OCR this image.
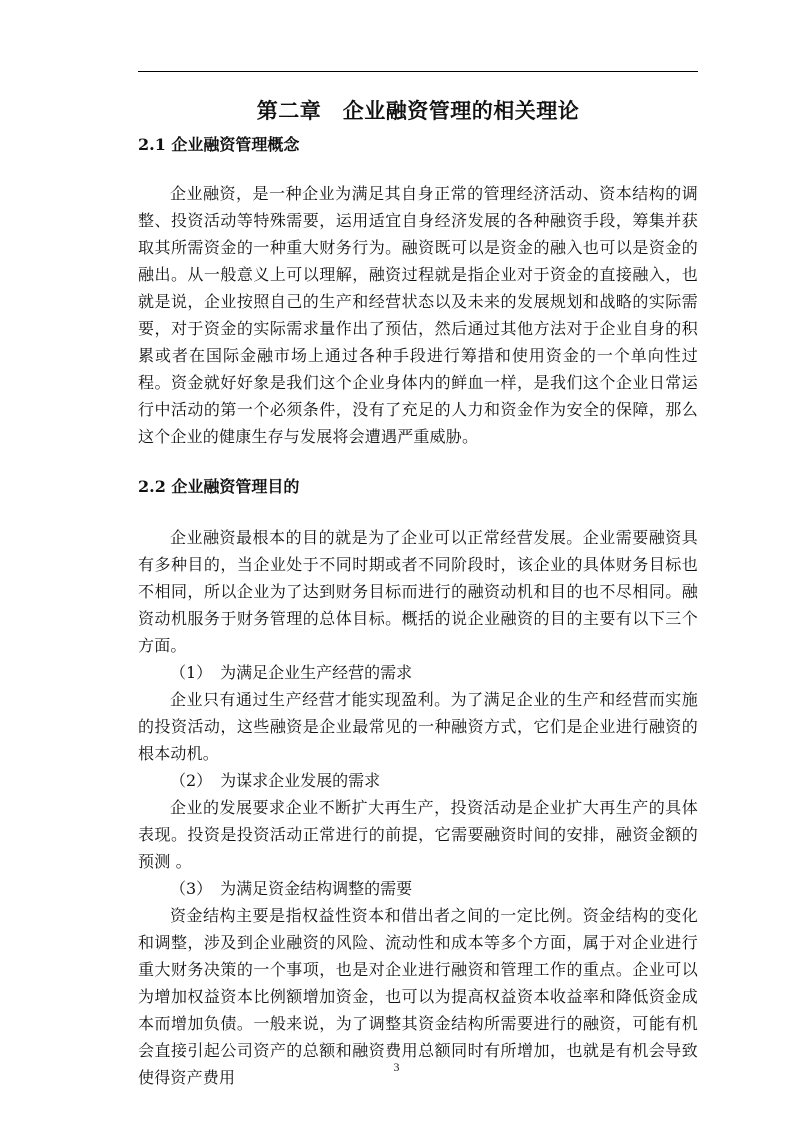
第二章　企业融资管理的相关理论
2.1 企业融资管理概念

企业融资，是一种企业为满足其自身正常的管理经济活动、资本结构的调整、投资活动等特殊需要，运用适宜自身经济发展的各种融资手段，筹集并获取其所需资金的一种重大财务行为。融资既可以是资金的融入也可以是资金的融出。从一般意义上可以理解，融资过程就是指企业对于资金的直接融入，也就是说，企业按照自己的生产和经营状态以及未来的发展规划和战略的实际需要，对于资金的实际需求量作出了预估，然后通过其他方法对于企业自身的积累或者在国际金融市场上通过各种手段进行筹措和使用资金的一个单向性过程。资金就好好象是我们这个企业身体内的鲜血一样，是我们这个企业日常运行中活动的第一个必须条件，没有了充足的人力和资金作为安全的保障，那么这个企业的健康生存与发展将会遭遇严重威胁。

2.2 企业融资管理目的

企业融资最根本的目的就是为了企业可以正常经营发展。企业需要融资具有多种目的，当企业处于不同时期或者不同阶段时，该企业的具体财务目标也不相同，所以企业为了达到财务目标而进行的融资动机和目的也不尽相同。融资动机服务于财务管理的总体目标。概括的说企业融资的目的主要有以下三个方面。

（1）　为满足企业生产经营的需求

企业只有通过生产经营才能实现盈利。为了满足企业的生产和经营而实施的投资活动，这些融资是企业最常见的一种融资方式，它们是企业进行融资的根本动机。

（2）　为谋求企业发展的需求

企业的发展要求企业不断扩大再生产，投资活动是企业扩大再生产的具体表现。投资是投资活动正常进行的前提，它需要融资时间的安排，融资金额的预测 。

（3）　为满足资金结构调整的需要

资金结构主要是指权益性资本和借出者之间的一定比例。资金结构的变化和调整，涉及到企业融资的风险、流动性和成本等多个方面，属于对企业进行重大财务决策的一个事项，也是对企业进行融资和管理工作的重点。企业可以为增加权益资本比例额增加资金，也可以为提高权益资本收益率和降低资金成本而增加负债。一般来说，为了调整其资金结构所需要进行的融资，可能有机会直接引起公司资产的总额和融资费用总额同时有所增加，也就是有机会导致使得资产费用

3
